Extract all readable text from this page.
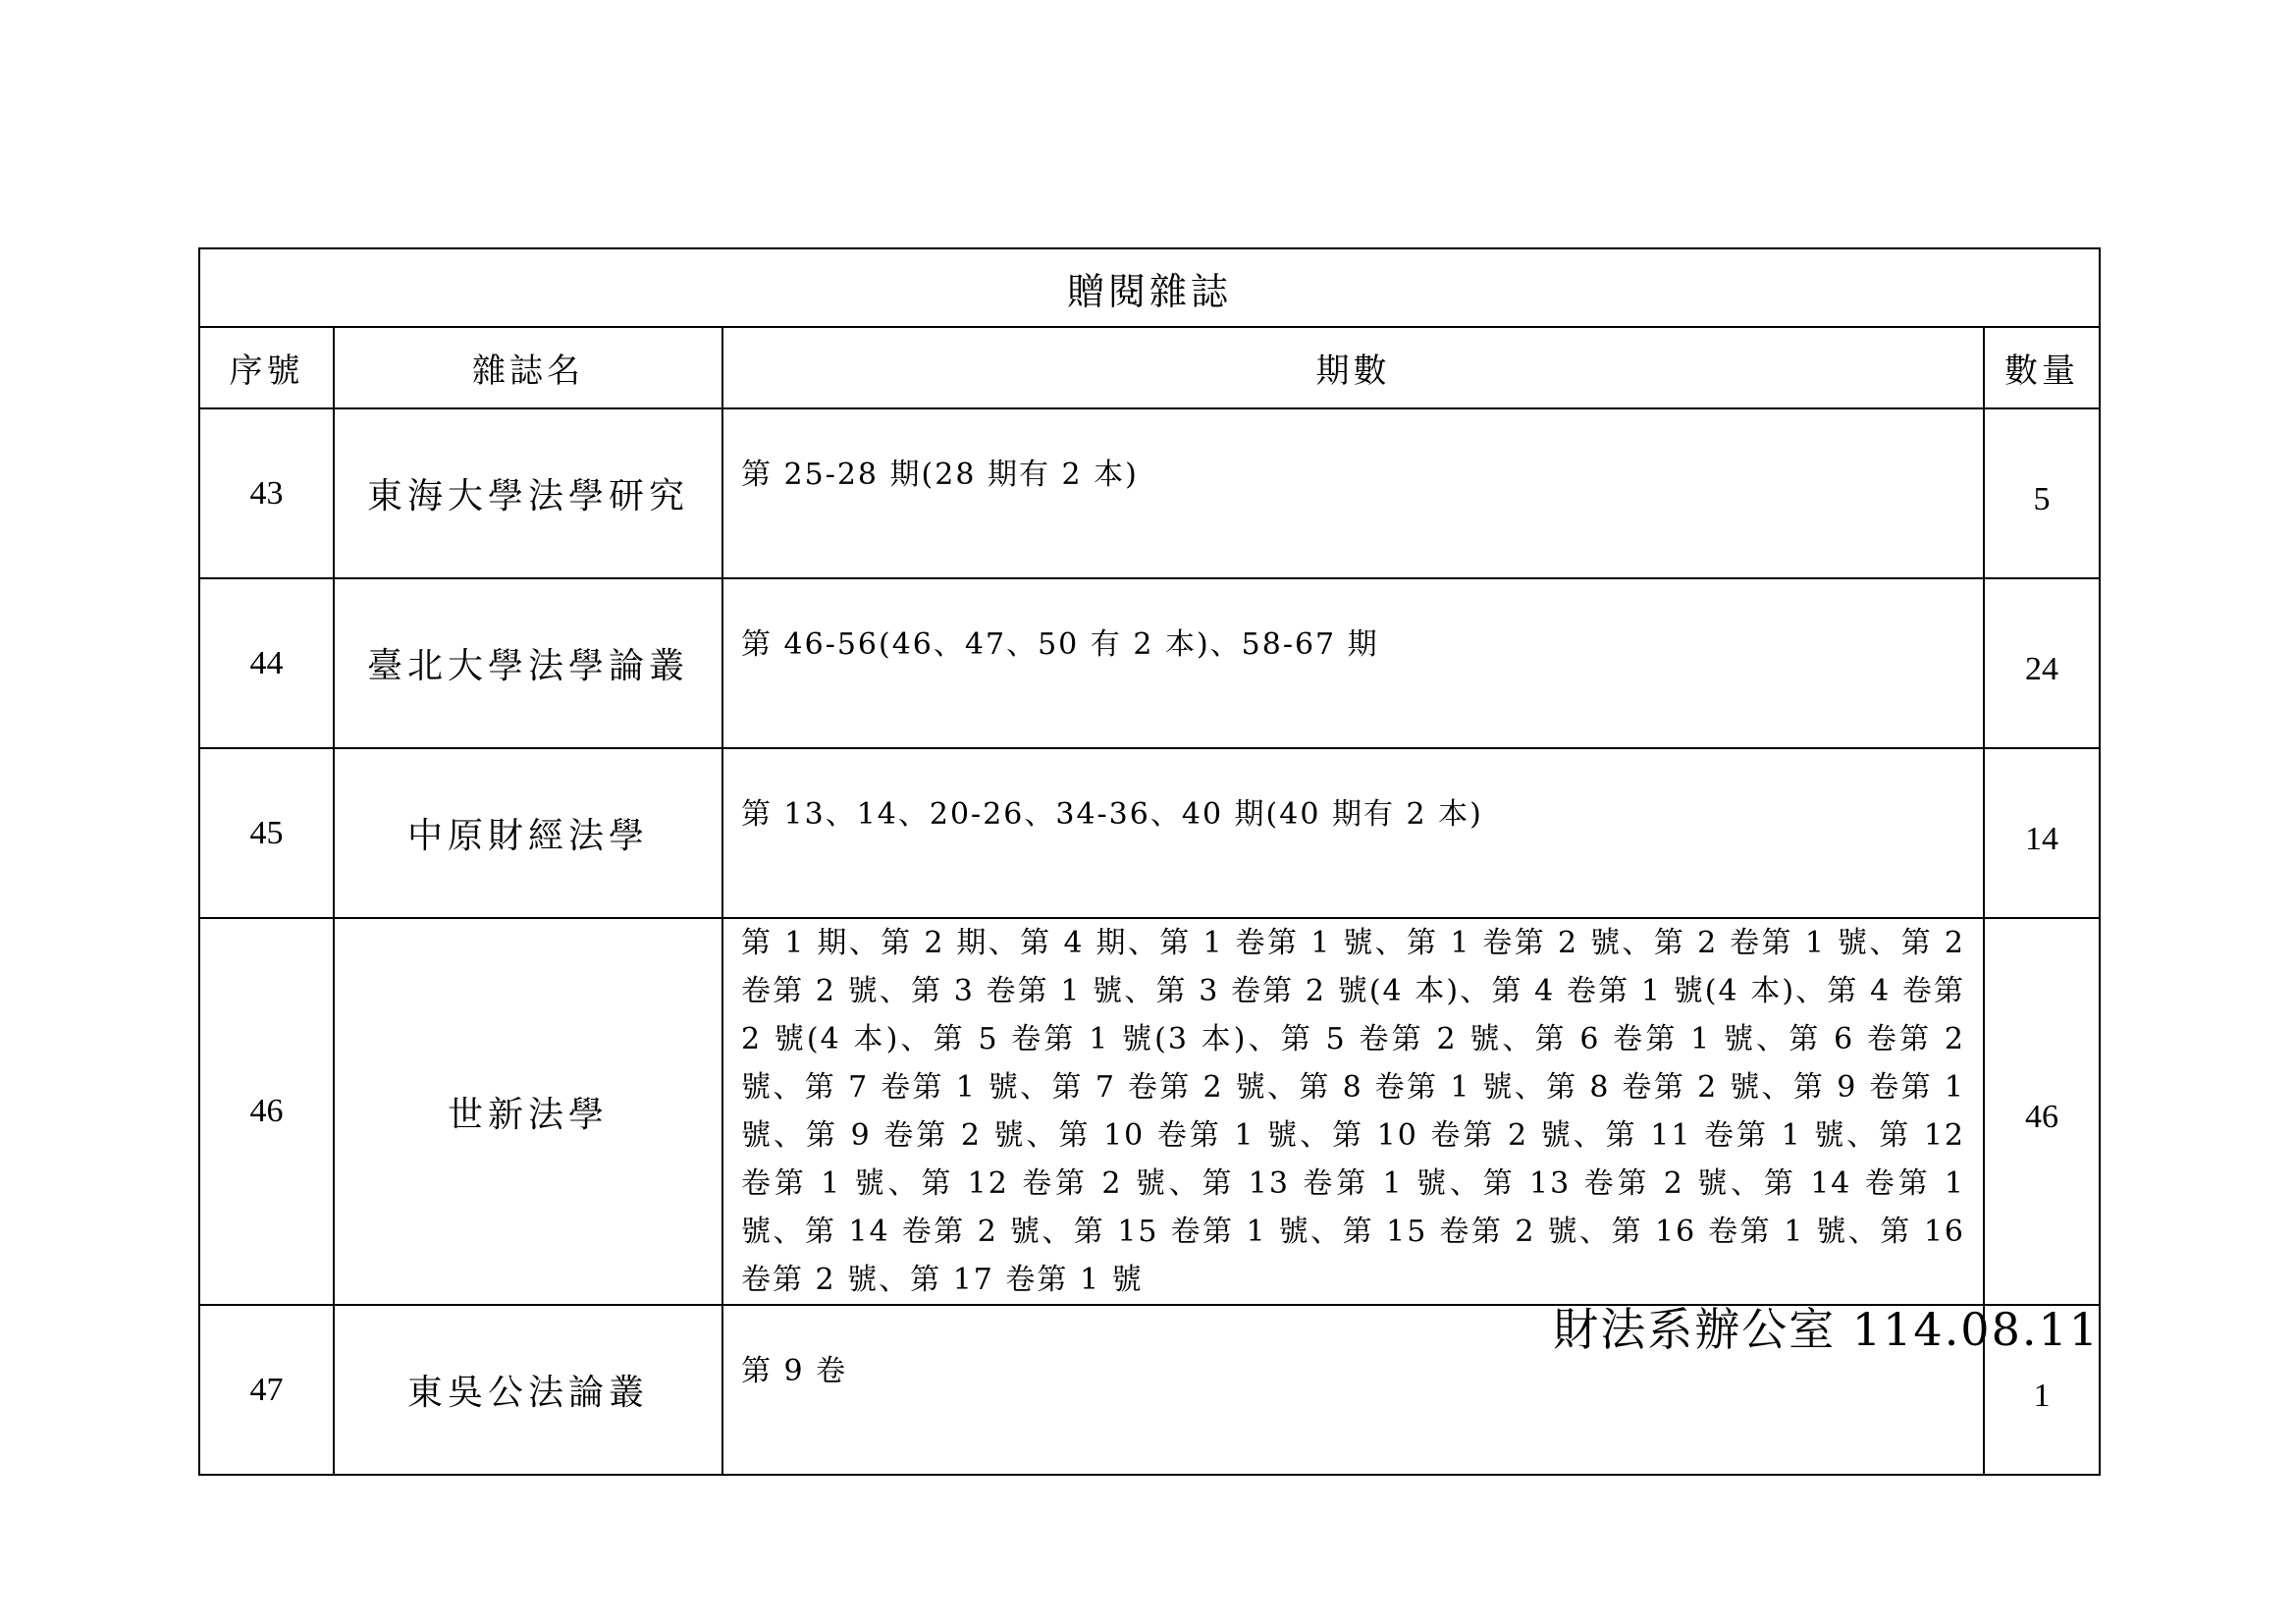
贈閱雜誌			
序號	雜誌名	期數	數量
43	東海大學法學研究	第 25-28 期(28 期有 2 本)	5
44	臺北大學法學論叢	第 46-56(46、47、50 有 2 本)、58-67 期	24
45	中原財經法學	第 13、14、20-26、34-36、40 期(40 期有 2 本)	14
46	世新法學	第 1 期、第 2 期、第 4 期、第 1 卷第 1 號、第 1 卷第 2 號、第 2 卷第 1 號、第 2 卷第 2 號、第 3 卷第 1 號、第 3 卷第 2 號(4 本)、第 4 卷第 1 號(4 本)、第 4 卷第 2 號(4 本)、第 5 卷第 1 號(3 本)、第 5 卷第 2 號、第 6 卷第 1 號、第 6 卷第 2 號、第 7 卷第 1 號、第 7 卷第 2 號、第 8 卷第 1 號、第 8 卷第 2 號、第 9 卷第 1 號、第 9 卷第 2 號、第 10 卷第 1 號、第 10 卷第 2 號、第 11 卷第 1 號、第 12 卷第 1 號、第 12 卷第 2 號、第 13 卷第 1 號、第 13 卷第 2 號、第 14 卷第 1 號、第 14 卷第 2 號、第 15 卷第 1 號、第 15 卷第 2 號、第 16 卷第 1 號、第 16 卷第 2 號、第 17 卷第 1 號	46
47	東吳公法論叢	第 9 卷	1
財法系辦公室 114.08.11
